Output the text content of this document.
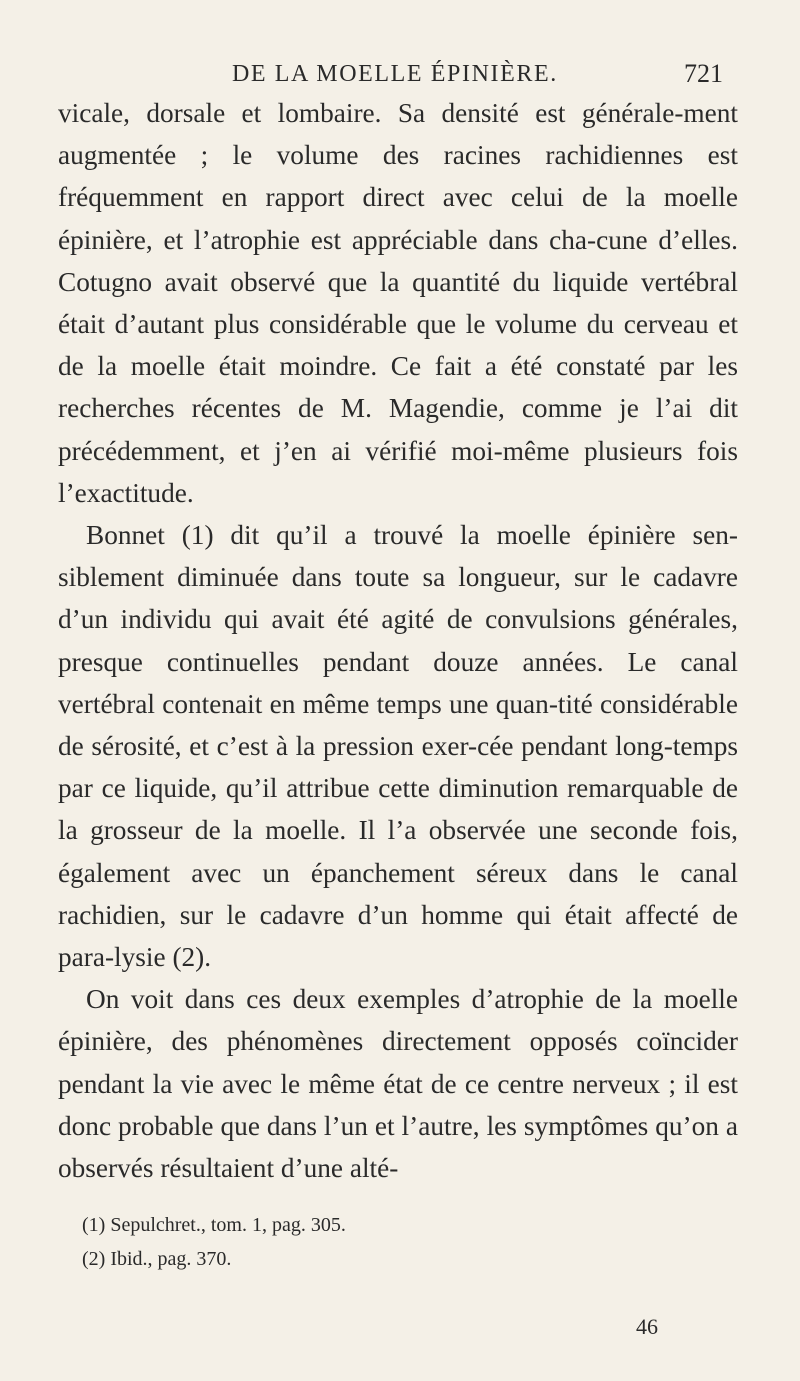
DE LA MOELLE ÉPINIÈRE.	721

vicale, dorsale et lombaire. Sa densité est générale-ment augmentée ; le volume des racines rachidiennes est fréquemment en rapport direct avec celui de la moelle épinière, et l’atrophie est appréciable dans cha-cune d’elles. Cotugno avait observé que la quantité du liquide vertébral était d’autant plus considérable que le volume du cerveau et de la moelle était moindre. Ce fait a été constaté par les recherches récentes de M. Magendie, comme je l’ai dit précédemment, et j’en ai vérifié moi-même plusieurs fois l’exactitude.

Bonnet (1) dit qu’il a trouvé la moelle épinière sen-siblement diminuée dans toute sa longueur, sur le cadavre d’un individu qui avait été agité de convulsions générales, presque continuelles pendant douze années. Le canal vertébral contenait en même temps une quan-tité considérable de sérosité, et c’est à la pression exer-cée pendant long-temps par ce liquide, qu’il attribue cette diminution remarquable de la grosseur de la moelle. Il l’a observée une seconde fois, également avec un épanchement séreux dans le canal rachidien, sur le cadavre d’un homme qui était affecté de para-lysie (2).

On voit dans ces deux exemples d’atrophie de la moelle épinière, des phénomènes directement opposés coïncider pendant la vie avec le même état de ce centre nerveux ; il est donc probable que dans l’un et l’autre, les symptômes qu’on a observés résultaient d’une alté-

(1) Sepulchret., tom. 1, pag. 305.

(2) Ibid., pag. 370.

46
